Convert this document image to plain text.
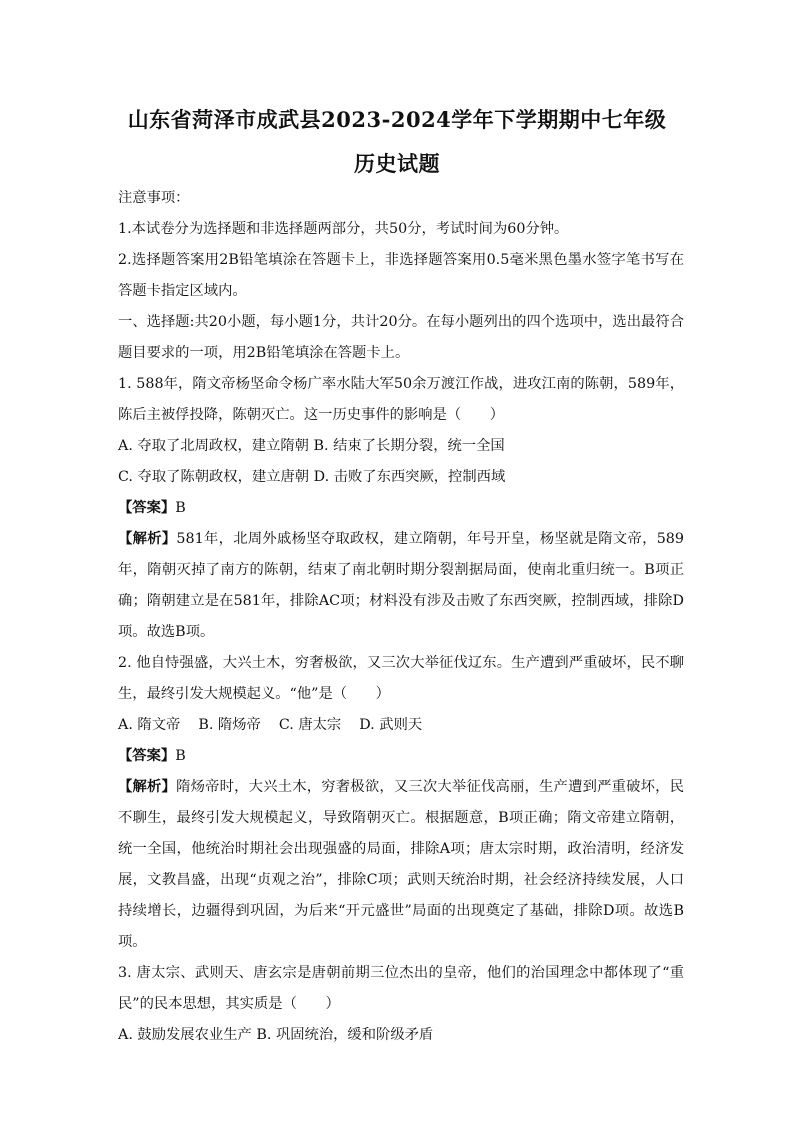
山东省菏泽市成武县2023-2024学年下学期期中七年级
历史试题

注意事项：

1.本试卷分为选择题和非选择题两部分，共50分，考试时间为60分钟。

2.选择题答案用2B铅笔填涂在答题卡上，非选择题答案用0.5毫米黑色墨水签字笔书写在答题卡指定区域内。

一、选择题:共20小题，每小题1分，共计20分。在每小题列出的四个选项中，选出最符合题目要求的一项，用2B铅笔填涂在答题卡上。

1. 588年，隋文帝杨坚命令杨广率水陆大军50余万渡江作战，进攻江南的陈朝，589年，陈后主被俘投降，陈朝灭亡。这一历史事件的影响是（　　）

A. 夺取了北周政权，建立隋朝 B. 结束了长期分裂，统一全国

C. 夺取了陈朝政权，建立唐朝 D. 击败了东西突厥，控制西域

【答案】B

【解析】581年，北周外戚杨坚夺取政权，建立隋朝，年号开皇，杨坚就是隋文帝，589年，隋朝灭掉了南方的陈朝，结束了南北朝时期分裂割据局面，使南北重归统一。B项正确；隋朝建立是在581年，排除AC项；材料没有涉及击败了东西突厥，控制西域，排除D项。故选B项。

2. 他自恃强盛，大兴土木，穷奢极欲，又三次大举征伐辽东。生产遭到严重破坏，民不聊生，最终引发大规模起义。“他”是（　　）

A. 隋文帝 B. 隋炀帝 C. 唐太宗 D. 武则天

【答案】B

【解析】隋炀帝时，大兴土木，穷奢极欲，又三次大举征伐高丽，生产遭到严重破坏，民不聊生，最终引发大规模起义，导致隋朝灭亡。根据题意，B项正确；隋文帝建立隋朝，统一全国，他统治时期社会出现强盛的局面，排除A项；唐太宗时期，政治清明，经济发展，文教昌盛，出现“贞观之治”，排除C项；武则天统治时期，社会经济持续发展，人口持续增长，边疆得到巩固，为后来“开元盛世”局面的出现奠定了基础，排除D项。故选B项。

3. 唐太宗、武则天、唐玄宗是唐朝前期三位杰出的皇帝，他们的治国理念中都体现了“重民”的民本思想，其实质是（　　）

A. 鼓励发展农业生产 B. 巩固统治，缓和阶级矛盾
